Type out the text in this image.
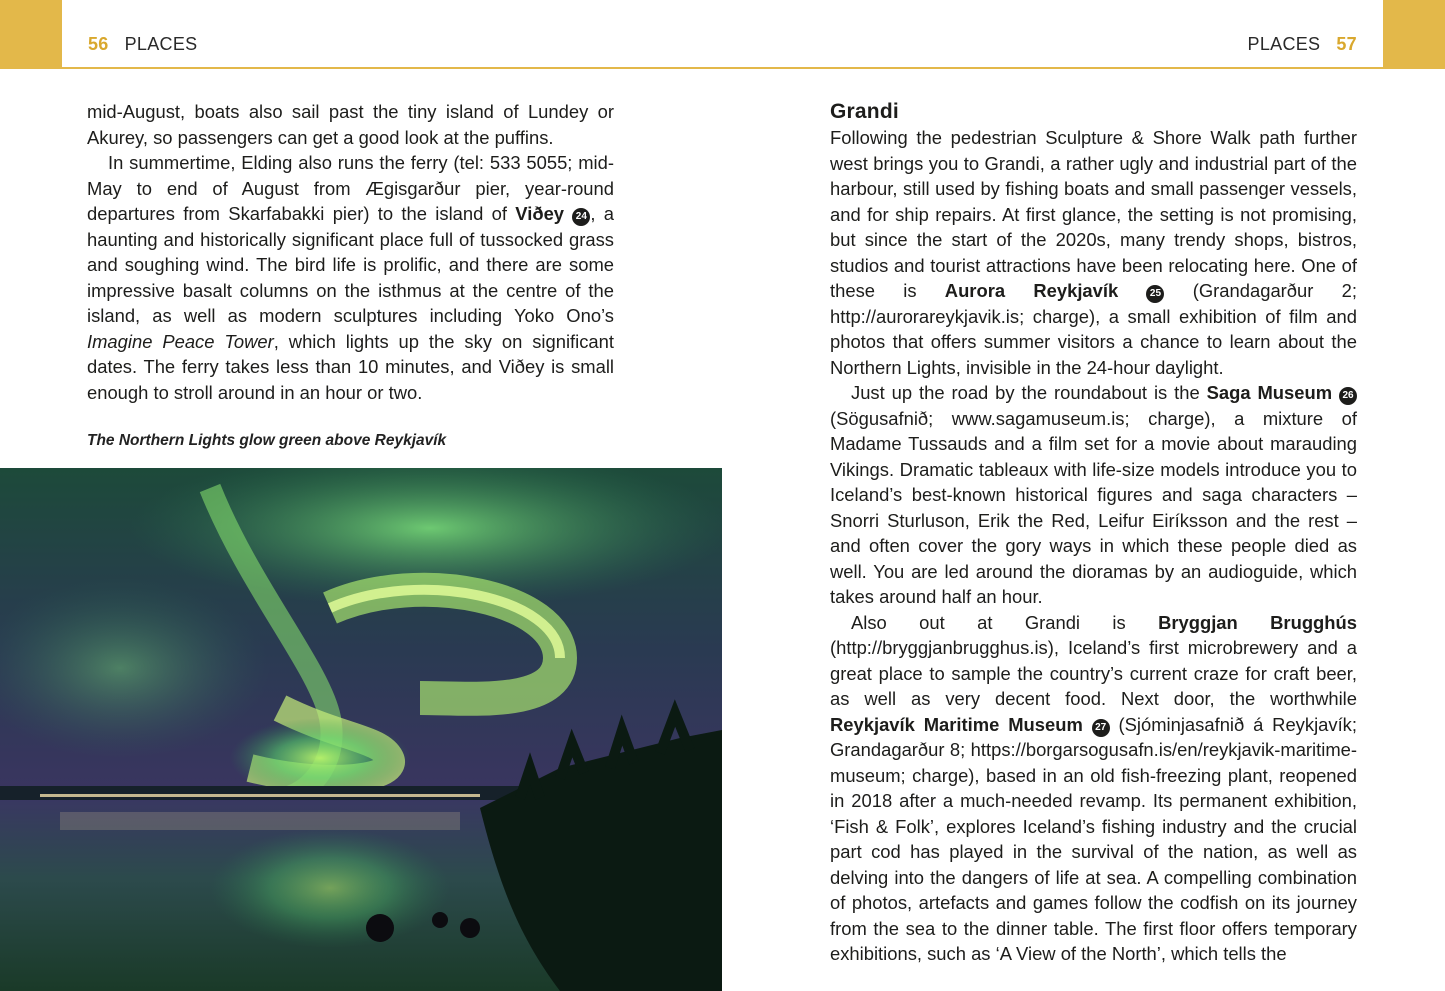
56 PLACES	PLACES 57

mid-August, boats also sail past the tiny island of Lundey or Akurey, so passengers can get a good look at the puffins.

In summertime, Elding also runs the ferry (tel: 533 5055; mid-May to end of August from Ægisgarður pier, year-round departures from Skarfabakki pier) to the island of Viðey 24 , a haunting and historically significant place full of tussocked grass and soughing wind. The bird life is prolific, and there are some impressive basalt columns on the isthmus at the centre of the island, as well as modern sculptures including Yoko Ono’s Imagine Peace Tower, which lights up the sky on significant dates. The ferry takes less than 10 minutes, and Viðey is small enough to stroll around in an hour or two.

The Northern Lights glow green above Reykjavík
Grandi

Following the pedestrian Sculpture & Shore Walk path further west brings you to Grandi, a rather ugly and industrial part of the harbour, still used by fishing boats and small passenger vessels, and for ship repairs. At first glance, the setting is not promising, but since the start of the 2020s, many trendy shops, bistros, studios and tourist attractions have been relocating here. One of these is Aurora Reykjavík	25 (Grandagarður 2; http://aurorareykjavik.is; charge), a small exhibition of film and photos that offers summer visitors a chance to learn about the Northern Lights, invisible in the 24-hour daylight.

Just up the road by the roundabout is the Saga Museum 26 (Sögusafnið; www.sagamuseum.is; charge), a mixture of Madame Tussauds and a film set for a movie about marauding Vikings. Dramatic tableaux with life-size models introduce you to Iceland’s best-known historical figures and saga characters – Snorri Sturluson, Erik the Red, Leifur Eiríksson and the rest – and often cover the gory ways in which these people died as well. You are led around the dioramas by an audioguide, which takes around half an hour.

Also out at Grandi is Bryggjan Brugghús (http://bryggjanbrugghus.is), Iceland’s first microbrewery and a great place to sample the country’s current craze for craft beer, as well as very decent food. Next door, the worthwhile Reykjavík Maritime Museum 27 (Sjóminjasafnið á Reykjavík; Grandagarður 8; https://borgarsogusafn.is/en/reykjavik-maritime-museum; charge), based in an old fish-freezing plant, reopened in 2018 after a much-needed revamp. Its permanent exhibition, ‘Fish & Folk’, explores Iceland’s fishing industry and the crucial part cod has played in the survival of the nation, as well as delving into the dangers of life at sea. A compelling combination of photos, artefacts and games follow the codfish on its journey from the sea to the dinner table. The first floor offers temporary exhibitions, such as ‘A View of the North’, which tells the
